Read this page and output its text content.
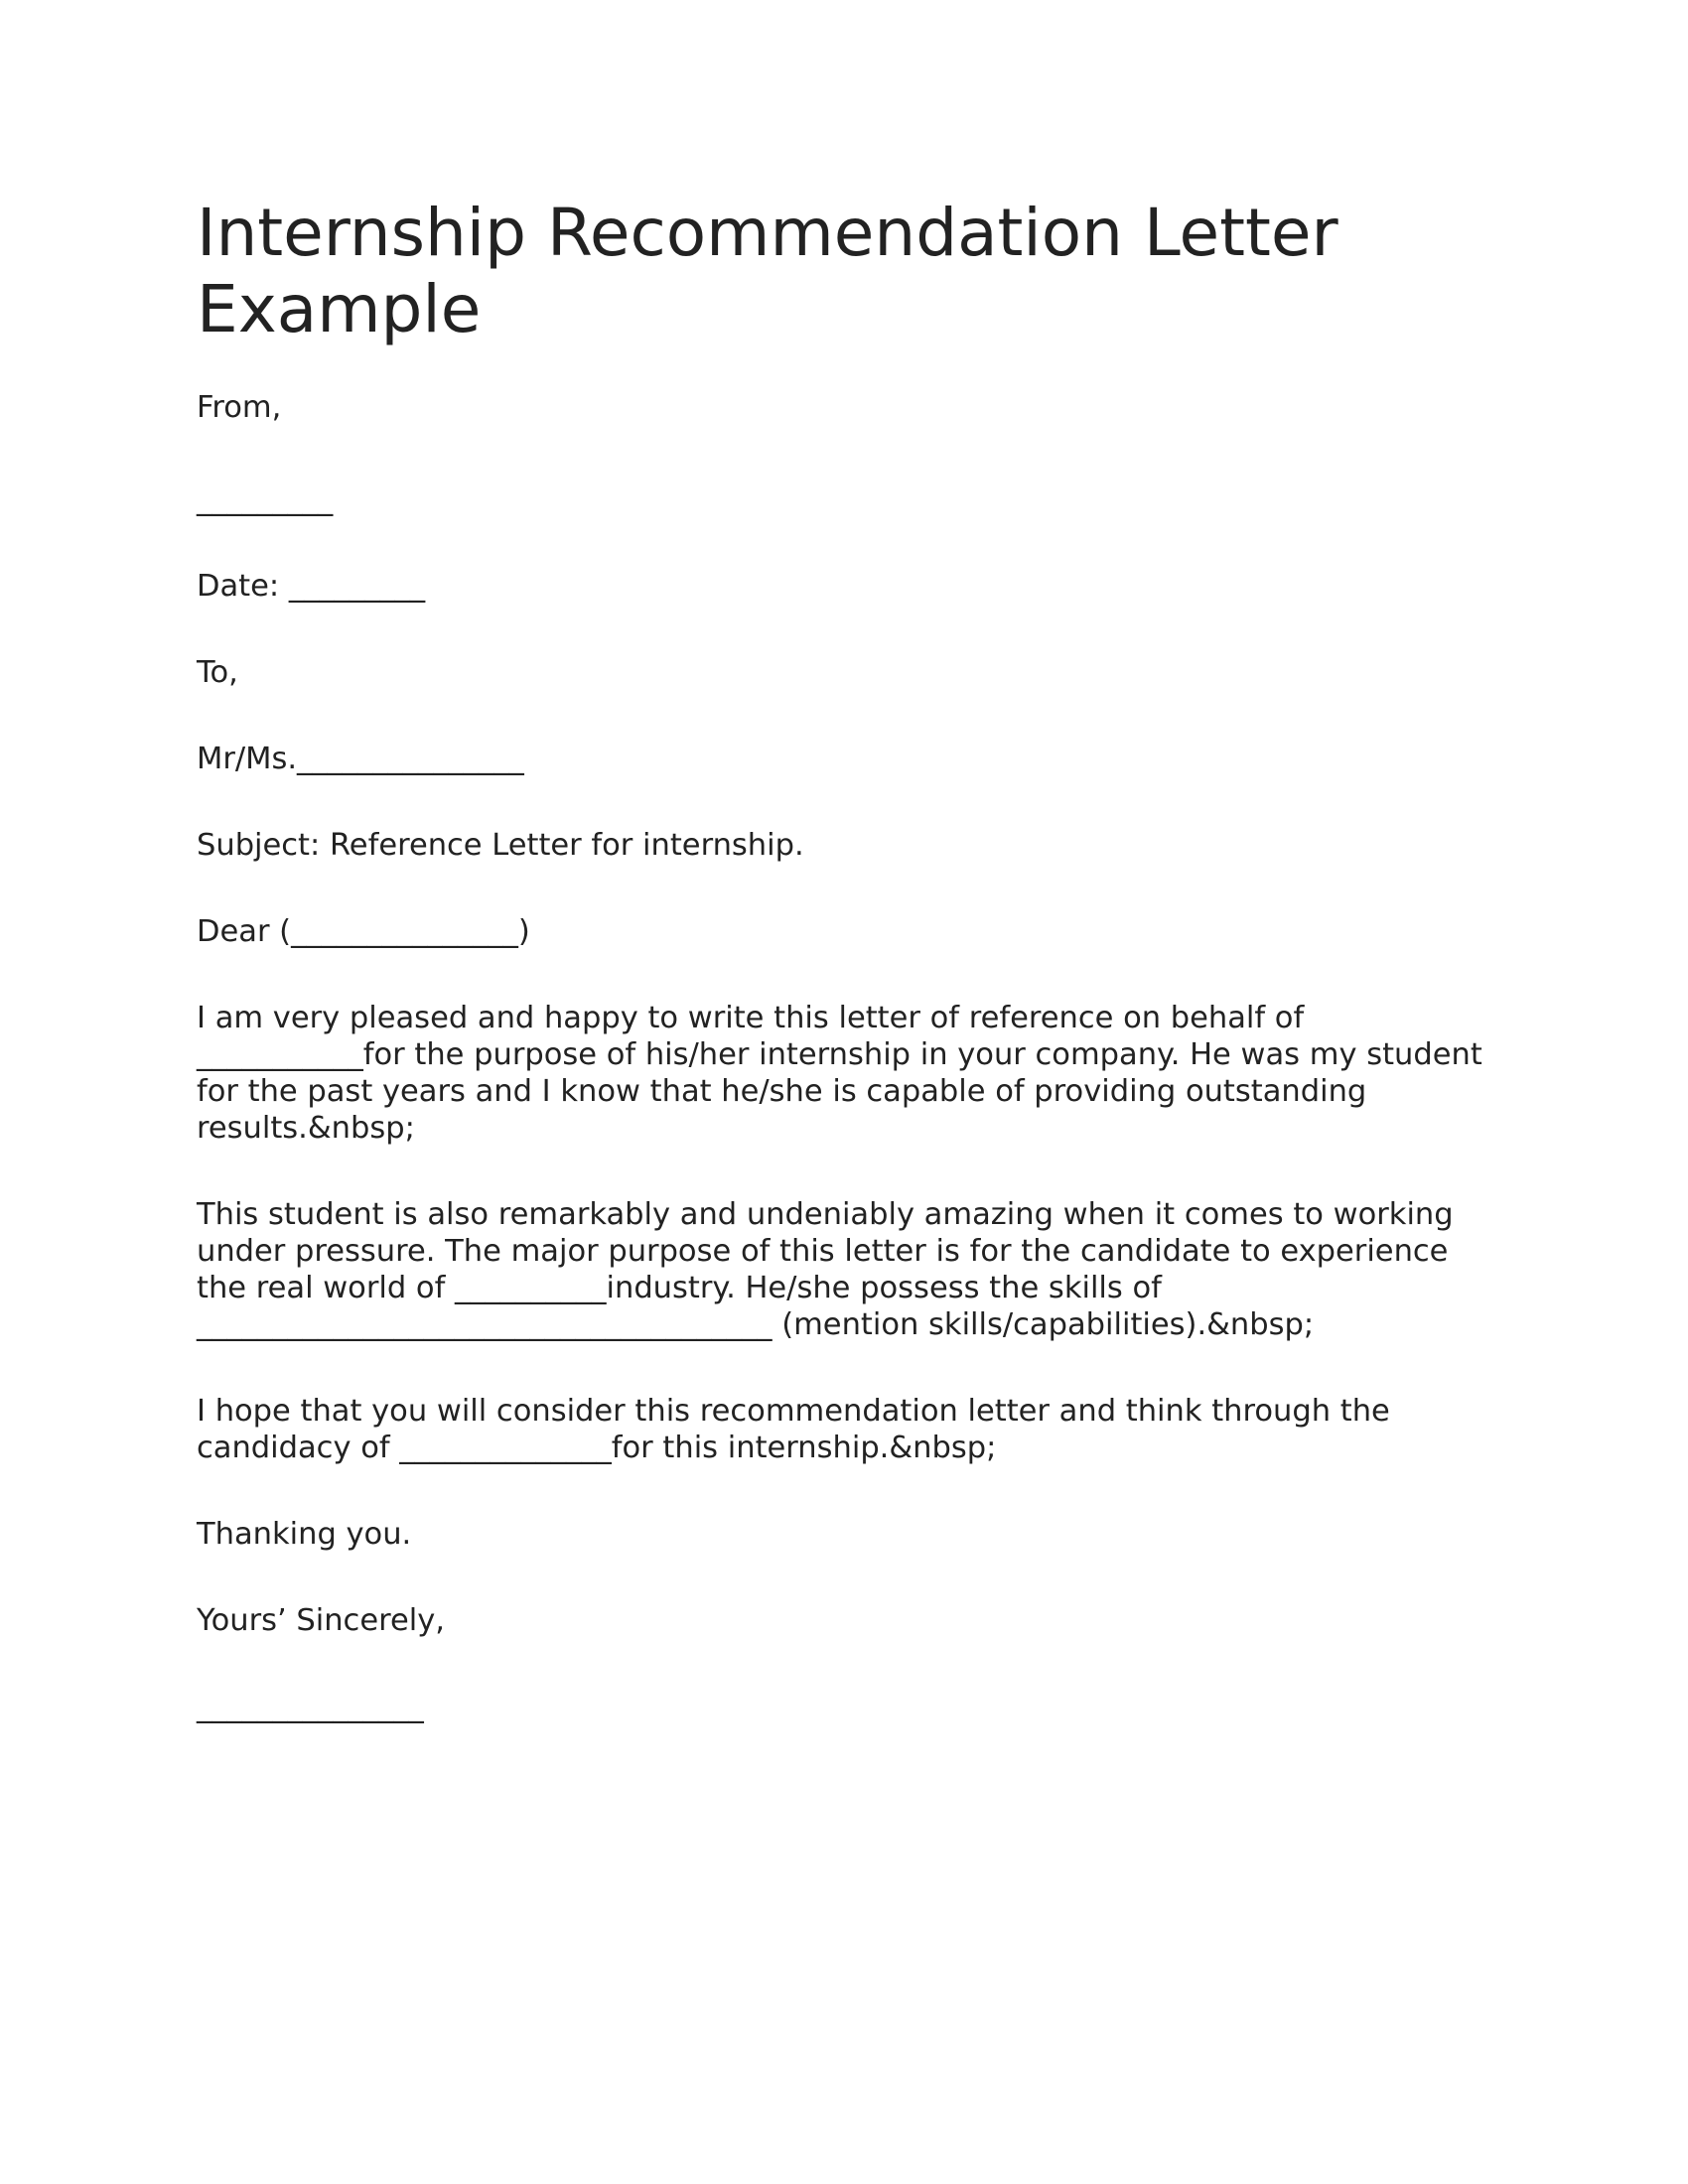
Internship Recommendation Letter Example

From,

_________

Date: _________

To,

Mr/Ms._______________

Subject: Reference Letter for internship.

Dear (_______________)

I am very pleased and happy to write this letter of reference on behalf of ___________for the purpose of his/her internship in your company. He was my student for the past years and I know that he/she is capable of providing outstanding results.&nbsp;

This student is also remarkably and undeniably amazing when it comes to working under pressure. The major purpose of this letter is for the candidate to experience the real world of __________industry. He/she possess the skills of ______________________________________ (mention skills/capabilities).&nbsp;

I hope that you will consider this recommendation letter and think through the candidacy of ______________for this internship.&nbsp;

Thanking you.

Yours’ Sincerely,

_______________
